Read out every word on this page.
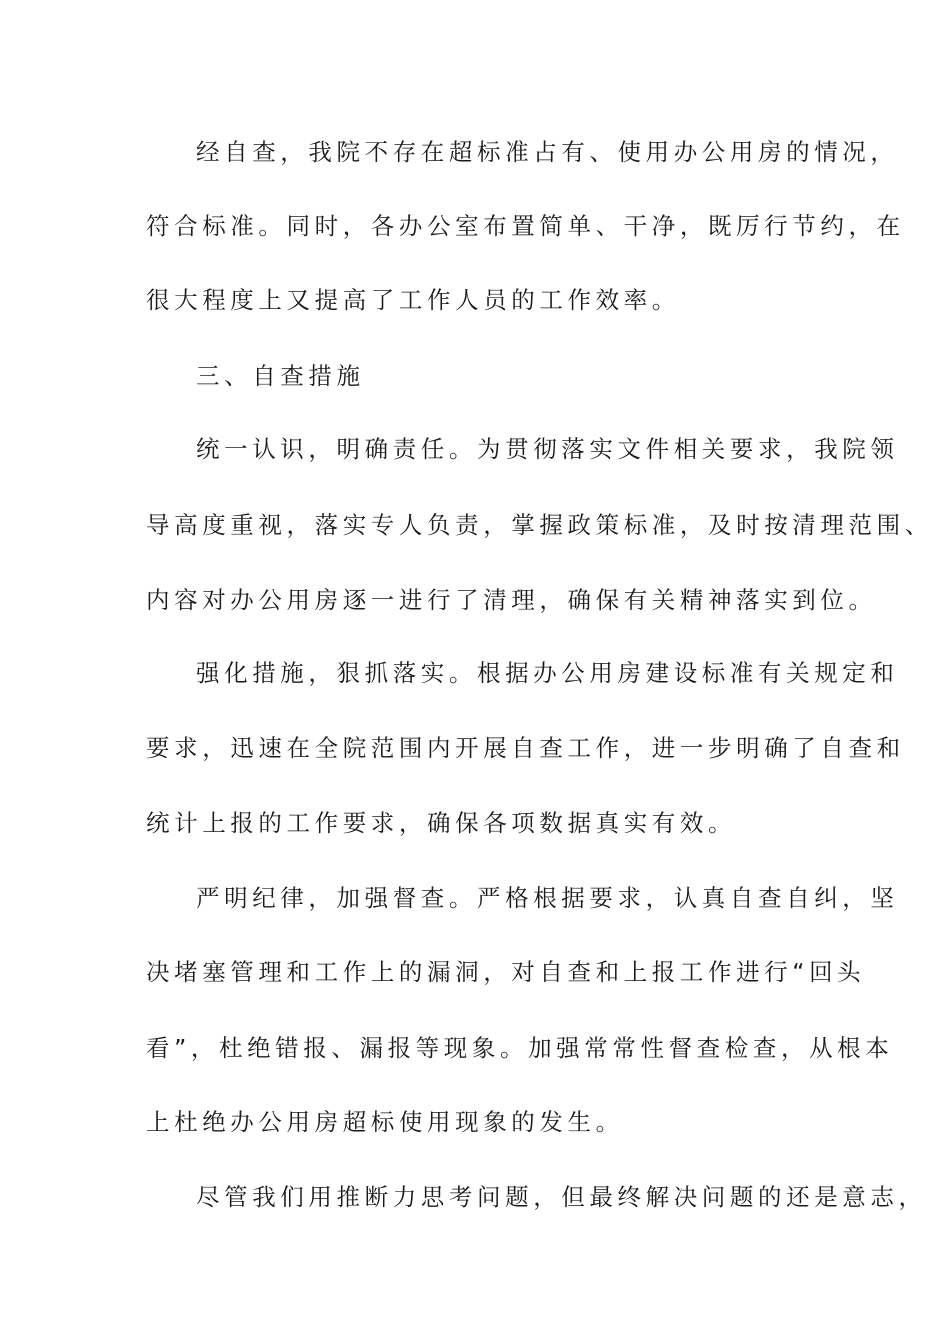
经自查，我院不存在超标准占有、使用办公用房的情况，
符合标准。同时，各办公室布置简单、干净，既厉行节约，在
很大程度上又提高了工作人员的工作效率。
三、自查措施
统一认识，明确责任。为贯彻落实文件相关要求，我院领
导高度重视，落实专人负责，掌握政策标准，及时按清理范围、
内容对办公用房逐一进行了清理，确保有关精神落实到位。
强化措施，狠抓落实。根据办公用房建设标准有关规定和
要求，迅速在全院范围内开展自查工作，进一步明确了自查和
统计上报的工作要求，确保各项数据真实有效。
严明纪律，加强督查。严格根据要求，认真自查自纠，坚
决堵塞管理和工作上的漏洞，对自查和上报工作进行“回头
看”，杜绝错报、漏报等现象。加强常常性督查检查，从根本
上杜绝办公用房超标使用现象的发生。
尽管我们用推断力思考问题，但最终解决问题的还是意志，
